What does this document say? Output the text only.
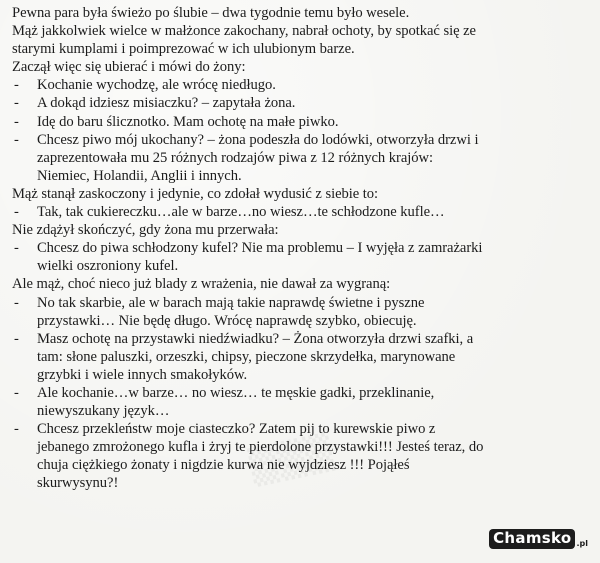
▒▒▒
Pewna para była świeżo po ślubie – dwa tygodnie temu było wesele.
Mąż jakkolwiek wielce w małżonce zakochany, nabrał ochoty, by spotkać się ze
starymi kumplami i poimprezować w ich ulubionym barze.
Zaczął więc się ubierać i mówi do żony:
- Kochanie wychodzę, ale wrócę niedługo.
- A dokąd idziesz misiaczku? – zapytała żona.
- Idę do baru ślicznotko. Mam ochotę na małe piwko.
- Chcesz piwo mój ukochany? – żona podeszła do lodówki, otworzyła drzwi i
zaprezentowała mu 25 różnych rodzajów piwa z 12 różnych krajów:
Niemiec, Holandii, Anglii i innych.
Mąż stanął zaskoczony i jedynie, co zdołał wydusić z siebie to:
- Tak, tak cukiereczku…ale w barze…no wiesz…te schłodzone kufle…
Nie zdążył skończyć, gdy żona mu przerwała:
- Chcesz do piwa schłodzony kufel? Nie ma problemu – I wyjęła z zamrażarki
wielki oszroniony kufel.
Ale mąż, choć nieco już blady z wrażenia, nie dawał za wygraną:
- No tak skarbie, ale w barach mają takie naprawdę świetne i pyszne
przystawki… Nie będę długo. Wrócę naprawdę szybko, obiecuję.
- Masz ochotę na przystawki niedźwiadku? – Żona otworzyła drzwi szafki, a
tam: słone paluszki, orzeszki, chipsy, pieczone skrzydełka, marynowane
grzybki i wiele innych smakołyków.
- Ale kochanie…w barze… no wiesz… te męskie gadki, przeklinanie,
niewyszukany język…
- Chcesz przekleństw moje ciasteczko? Zatem pij to kurewskie piwo z
jebanego zmrożonego kufla i żryj te pierdolone przystawki!!! Jesteś teraz, do
chuja ciężkiego żonaty i nigdzie kurwa nie wyjdziesz !!! Pojąłeś
skurwysynu?!
Chamsko .pl
